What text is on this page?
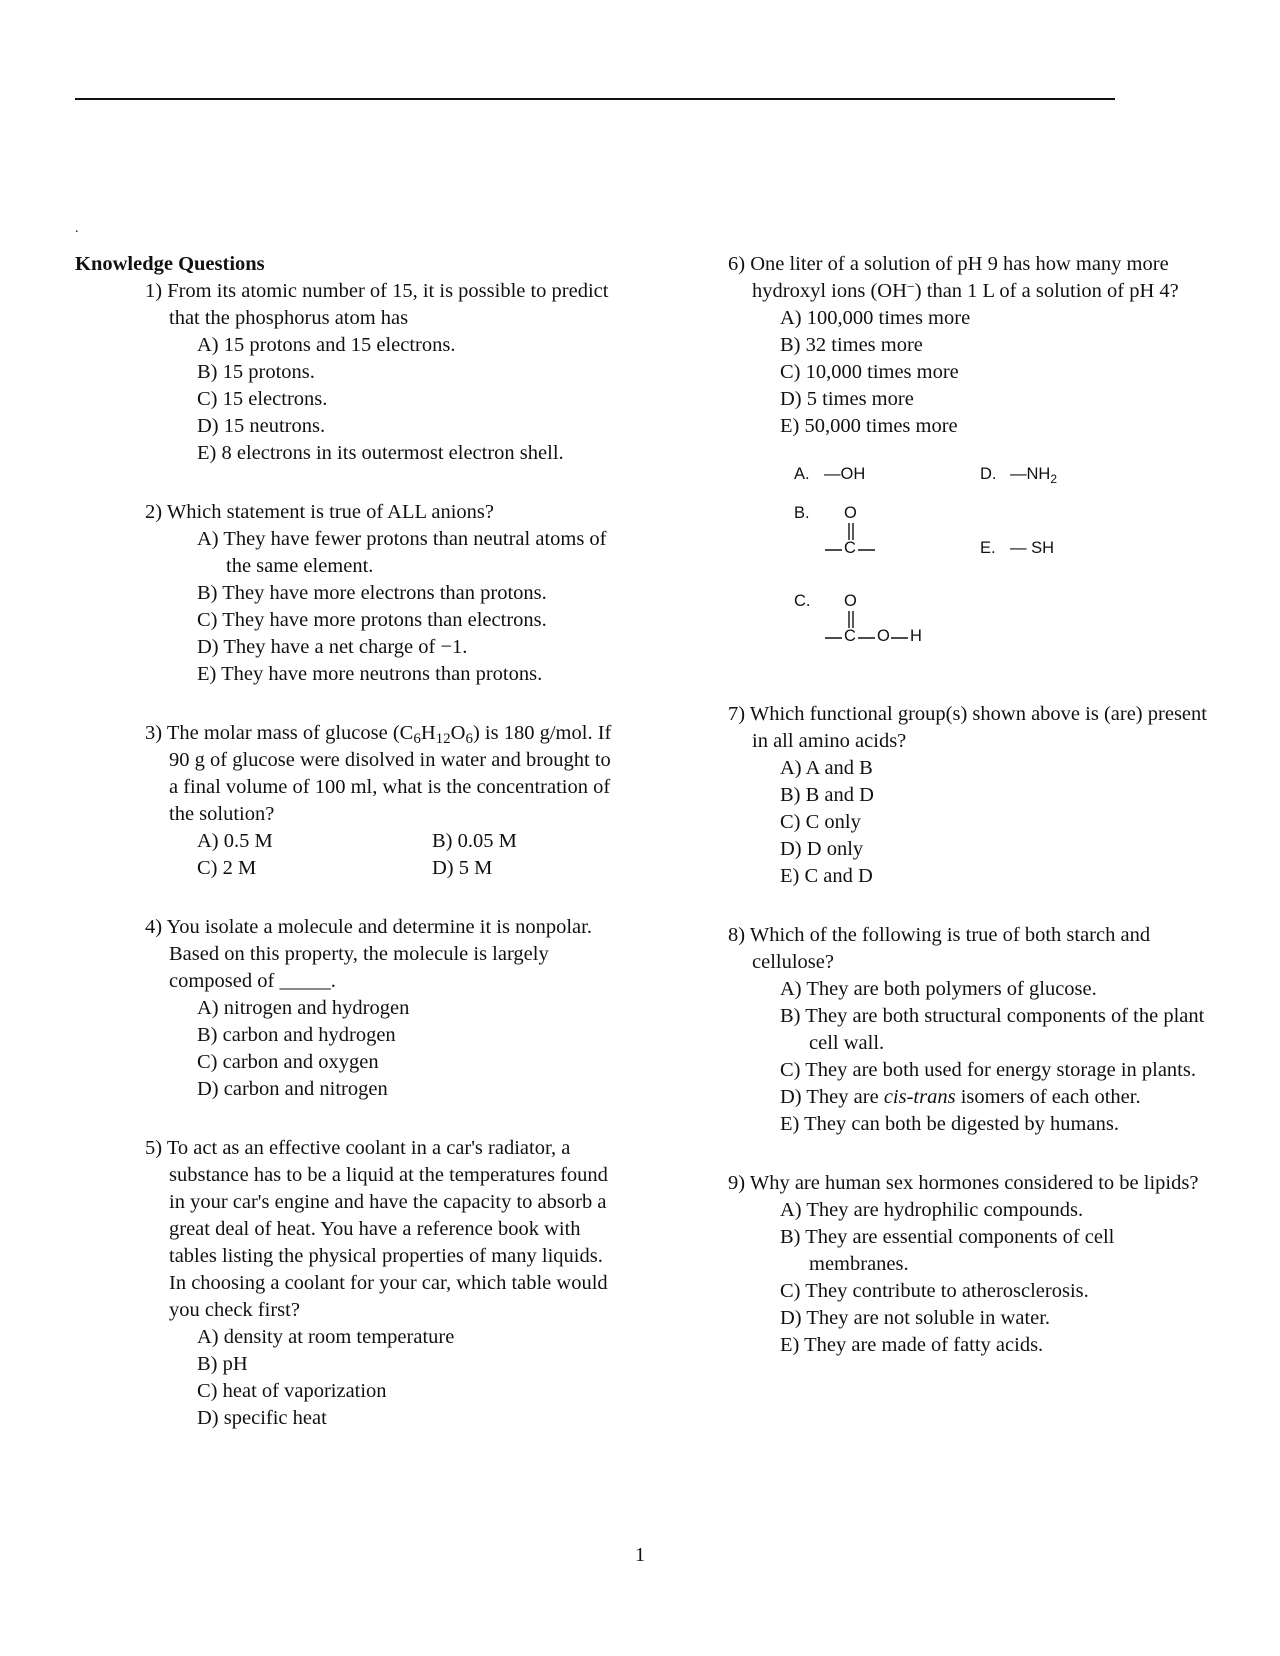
.
Knowledge Questions
1) From its atomic number of 15, it is possible to predict that the phosphorus atom has
A) 15 protons and 15 electrons.
B) 15 protons.
C) 15 electrons.
D) 15 neutrons.
E) 8 electrons in its outermost electron shell.
2) Which statement is true of ALL anions?
A) They have fewer protons than neutral atoms of the same element.
B) They have more electrons than protons.
C) They have more protons than electrons.
D) They have a net charge of −1.
E) They have more neutrons than protons.
3) The molar mass of glucose $(C_6H_{12}O_6)$ is 180 g/mol. If 90 g of glucose were disolved in water and brought to a final volume of 100 ml, what is the concentration of the solution?
A) 0.5 M	B) 0.05 M
C) 2 M	D) 5 M
4) You isolate a molecule and determine it is nonpolar. Based on this property, the molecule is largely composed of _____.
A) nitrogen and hydrogen
B) carbon and hydrogen
C) carbon and oxygen
D) carbon and nitrogen
5) To act as an effective coolant in a car's radiator, a substance has to be a liquid at the temperatures found in your car's engine and have the capacity to absorb a great deal of heat. You have a reference book with tables listing the physical properties of many liquids. In choosing a coolant for your car, which table would you check first?
A) density at room temperature
B) pH
C) heat of vaporization
D) specific heat
6) One liter of a solution of pH 9 has how many more hydroxyl ions (OH−) than 1 L of a solution of pH 4?
A) 100,000 times more
B) 32 times more
C) 10,000 times more
D) 5 times more
E) 50,000 times more
A. —OH	D. $—NH_2$
B. O
C	E. — SH
C. O
C O H
7) Which functional group(s) shown above is (are) present in all amino acids?
A) A and B
B) B and D
C) C only
D) D only
E) C and D
8) Which of the following is true of both starch and cellulose?
A) They are both polymers of glucose.
B) They are both structural components of the plant cell wall.
C) They are both used for energy storage in plants.
D) They are cis-trans isomers of each other.
E) They can both be digested by humans.
9) Why are human sex hormones considered to be lipids?
A) They are hydrophilic compounds.
B) They are essential components of cell membranes.
C) They contribute to atherosclerosis.
D) They are not soluble in water.
E) They are made of fatty acids.
1
